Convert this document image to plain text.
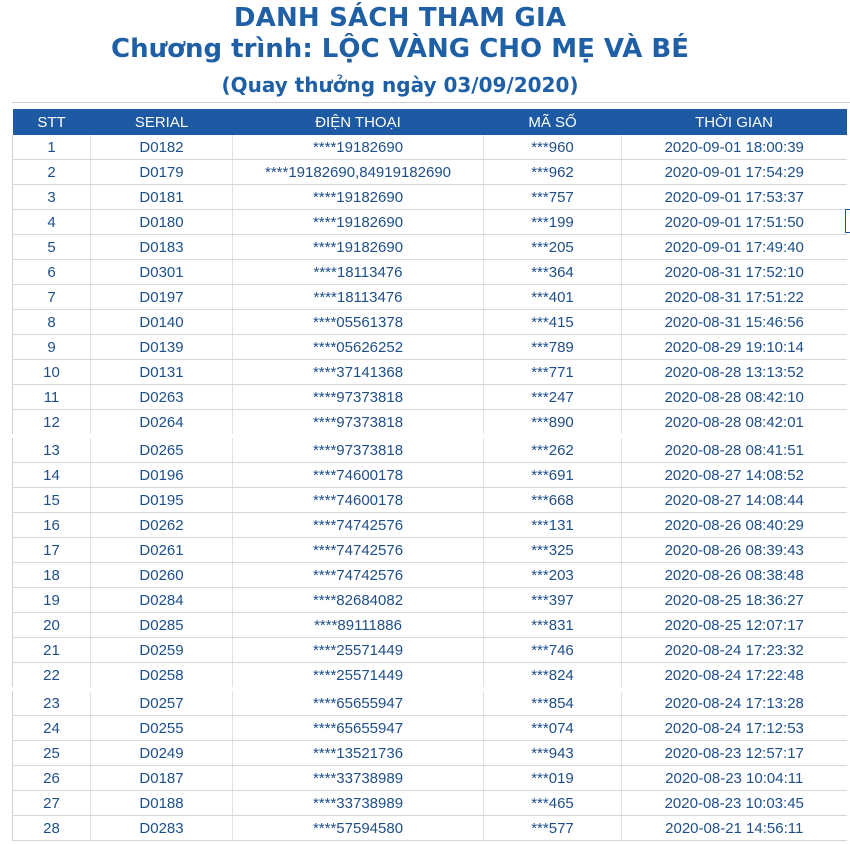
DANH SÁCH THAM GIA
Chương trình: LỘC VÀNG CHO MẸ VÀ BÉ
(Quay thưởng ngày 03/09/2020)
STT	SERIAL	ĐIỆN THOẠI	MÃ SỐ	THỜI GIAN
1	D0182	****19182690	***960	2020-09-01 18:00:39
2	D0179	****19182690,84919182690	***962	2020-09-01 17:54:29
3	D0181	****19182690	***757	2020-09-01 17:53:37
4	D0180	****19182690	***199	2020-09-01 17:51:50
5	D0183	****19182690	***205	2020-09-01 17:49:40
6	D0301	****18113476	***364	2020-08-31 17:52:10
7	D0197	****18113476	***401	2020-08-31 17:51:22
8	D0140	****05561378	***415	2020-08-31 15:46:56
9	D0139	****05626252	***789	2020-08-29 19:10:14
10	D0131	****37141368	***771	2020-08-28 13:13:52
11	D0263	****97373818	***247	2020-08-28 08:42:10
12	D0264	****97373818	***890	2020-08-28 08:42:01
13	D0265	****97373818	***262	2020-08-28 08:41:51
14	D0196	****74600178	***691	2020-08-27 14:08:52
15	D0195	****74600178	***668	2020-08-27 14:08:44
16	D0262	****74742576	***131	2020-08-26 08:40:29
17	D0261	****74742576	***325	2020-08-26 08:39:43
18	D0260	****74742576	***203	2020-08-26 08:38:48
19	D0284	****82684082	***397	2020-08-25 18:36:27
20	D0285	****89111886	***831	2020-08-25 12:07:17
21	D0259	****25571449	***746	2020-08-24 17:23:32
22	D0258	****25571449	***824	2020-08-24 17:22:48
23	D0257	****65655947	***854	2020-08-24 17:13:28
24	D0255	****65655947	***074	2020-08-24 17:12:53
25	D0249	****13521736	***943	2020-08-23 12:57:17
26	D0187	****33738989	***019	2020-08-23 10:04:11
27	D0188	****33738989	***465	2020-08-23 10:03:45
28	D0283	****57594580	***577	2020-08-21 14:56:11
